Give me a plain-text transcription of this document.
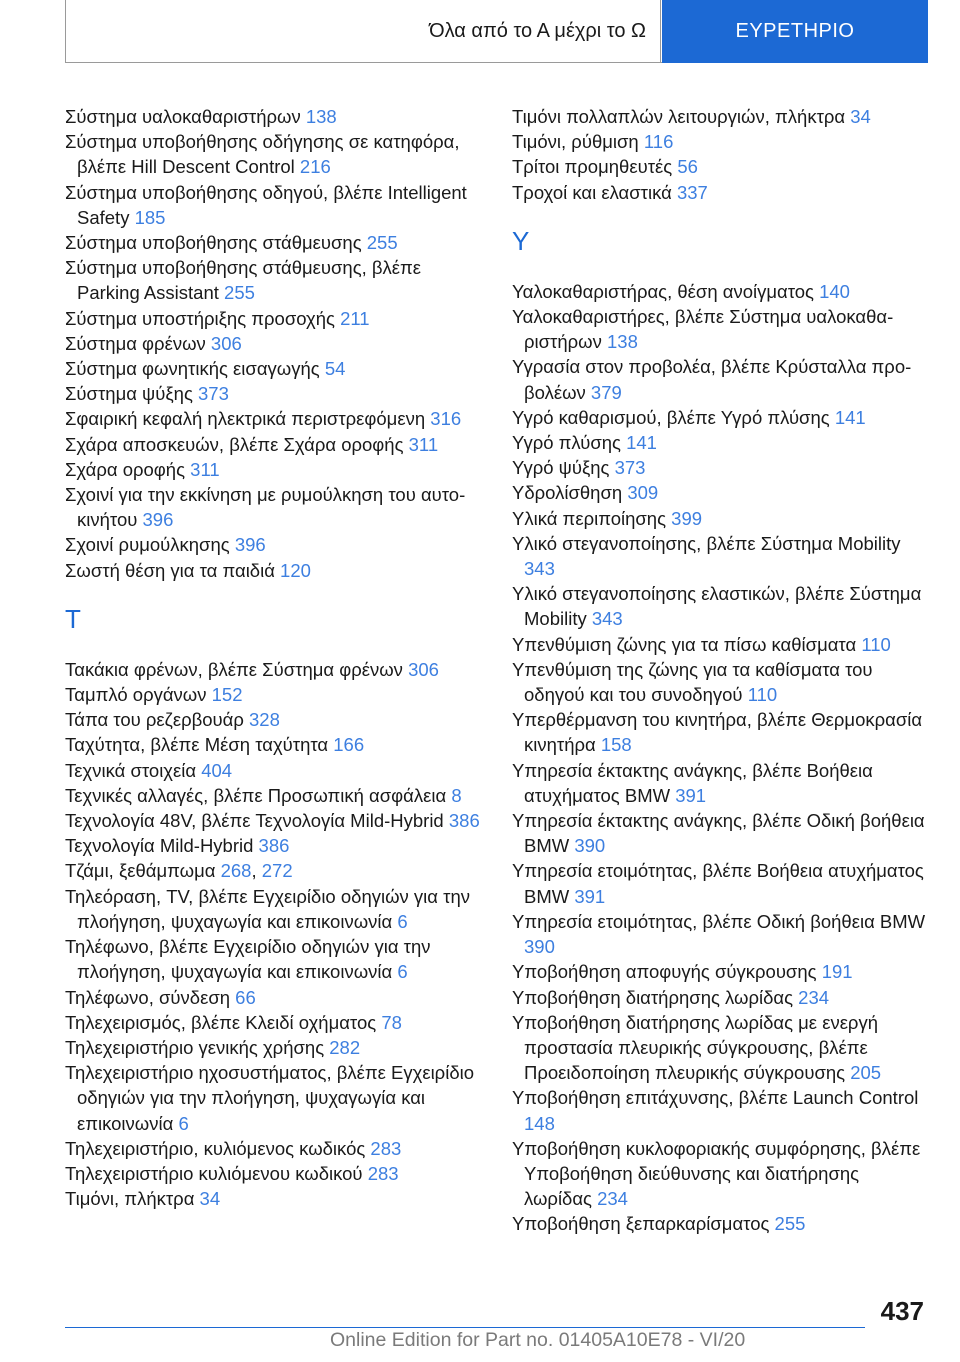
Όλα από το Α μέχρι το Ω	ΕΥΡΕΤΗΡΙΟ

Σύστημα υαλοκαθαριστήρων 138

Σύστημα υποβοήθησης οδήγησης σε κατηφόρα, βλέπε Hill Descent Control 216

Σύστημα υποβοήθησης οδηγού, βλέπε Intelligent Safety 185

Σύστημα υποβοήθησης στάθμευσης 255

Σύστημα υποβοήθησης στάθμευσης, βλέπε Parking Assistant 255

Σύστημα υποστήριξης προσοχής 211

Σύστημα φρένων 306

Σύστημα φωνητικής εισαγωγής 54

Σύστημα ψύξης 373

Σφαιρική κεφαλή ηλεκτρικά περιστρεφόμενη 316

Σχάρα αποσκευών, βλέπε Σχάρα οροφής 311

Σχάρα οροφής 311

Σχοινί για την εκκίνηση με ρυμούλκηση του αυτοκινήτου 396

Σχοινί ρυμούλκησης 396

Σωστή θέση για τα παιδιά 120

Τ

Τακάκια φρένων, βλέπε Σύστημα φρένων 306

Ταμπλό οργάνων 152

Τάπα του ρεζερβουάρ 328

Ταχύτητα, βλέπε Μέση ταχύτητα 166

Τεχνικά στοιχεία 404

Τεχνικές αλλαγές, βλέπε Προσωπική ασφάλεια 8

Τεχνολογία 48V, βλέπε Τεχνολογία Mild-Hybrid 386

Τεχνολογία Mild-Hybrid 386

Τζάμι, ξεθάμπωμα 268, 272

Τηλεόραση, TV, βλέπε Εγχειρίδιο οδηγιών για την πλοήγηση, ψυχαγωγία και επικοινωνία 6

Τηλέφωνο, βλέπε Εγχειρίδιο οδηγιών για την πλοήγηση, ψυχαγωγία και επικοινωνία 6

Τηλέφωνο, σύνδεση 66

Τηλεχειρισμός, βλέπε Κλειδί οχήματος 78

Τηλεχειριστήριο γενικής χρήσης 282

Τηλεχειριστήριο ηχοσυστήματος, βλέπε Εγχειρίδιο οδηγιών για την πλοήγηση, ψυχαγωγία και επικοινωνία 6

Τηλεχειριστήριο, κυλιόμενος κωδικός 283

Τηλεχειριστήριο κυλιόμενου κωδικού 283

Τιμόνι, πλήκτρα 34

Τιμόνι πολλαπλών λειτουργιών, πλήκτρα 34

Τιμόνι, ρύθμιση 116

Τρίτοι προμηθευτές 56

Τροχοί και ελαστικά 337

Υ

Υαλοκαθαριστήρας, θέση ανοίγματος 140

Υαλοκαθαριστήρες, βλέπε Σύστημα υαλοκαθαριστήρων 138

Υγρασία στον προβολέα, βλέπε Κρύσταλλα προβολέων 379

Υγρό καθαρισμού, βλέπε Υγρό πλύσης 141

Υγρό πλύσης 141

Υγρό ψύξης 373

Υδρολίσθηση 309

Υλικά περιποίησης 399

Υλικό στεγανοποίησης, βλέπε Σύστημα Mobility 343

Υλικό στεγανοποίησης ελαστικών, βλέπε Σύστημα Mobility 343

Υπενθύμιση ζώνης για τα πίσω καθίσματα 110

Υπενθύμιση της ζώνης για τα καθίσματα του οδηγού και του συνοδηγού 110

Υπερθέρμανση του κινητήρα, βλέπε Θερμοκρασία κινητήρα 158

Υπηρεσία έκτακτης ανάγκης, βλέπε Βοήθεια ατυχήματος BMW 391

Υπηρεσία έκτακτης ανάγκης, βλέπε Οδική βοήθεια BMW 390

Υπηρεσία ετοιμότητας, βλέπε Βοήθεια ατυχήματος BMW 391

Υπηρεσία ετοιμότητας, βλέπε Οδική βοήθεια BMW 390

Υποβοήθηση αποφυγής σύγκρουσης 191

Υποβοήθηση διατήρησης λωρίδας 234

Υποβοήθηση διατήρησης λωρίδας με ενεργή προστασία πλευρικής σύγκρουσης, βλέπε Προειδοποίηση πλευρικής σύγκρουσης 205

Υποβοήθηση επιτάχυνσης, βλέπε Launch Control 148

Υποβοήθηση κυκλοφοριακής συμφόρησης, βλέπε Υποβοήθηση διεύθυνσης και διατήρησης λωρίδας 234

Υποβοήθηση ξεπαρκαρίσματος 255

437
Online Edition for Part no. 01405A10E78 - VI/20
